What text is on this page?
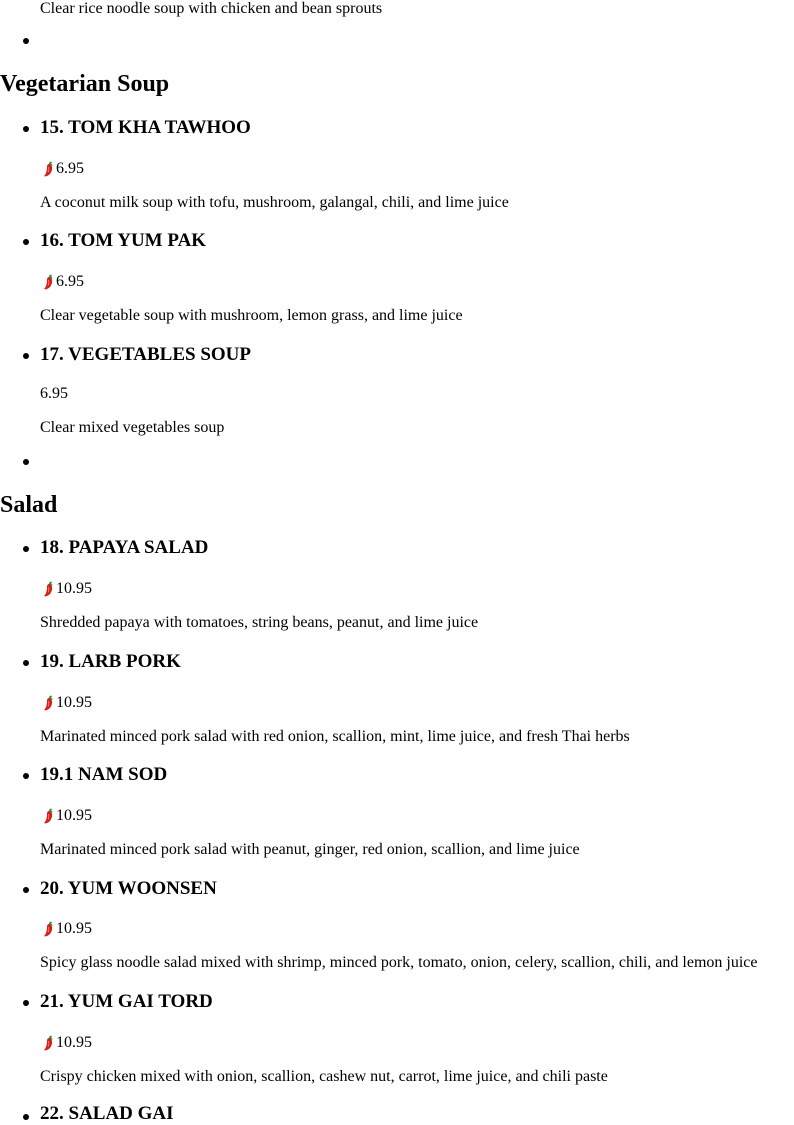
Clear rice noodle soup with chicken and bean sprouts
Vegetarian Soup
15. TOM KHA TAWHOO
6.95
A coconut milk soup with tofu, mushroom, galangal, chili, and lime juice
16. TOM YUM PAK
6.95
Clear vegetable soup with mushroom, lemon grass, and lime juice
17. VEGETABLES SOUP
6.95
Clear mixed vegetables soup
Salad
18. PAPAYA SALAD
10.95
Shredded papaya with tomatoes, string beans, peanut, and lime juice
19. LARB PORK
10.95
Marinated minced pork salad with red onion, scallion, mint, lime juice, and fresh Thai herbs
19.1 NAM SOD
10.95
Marinated minced pork salad with peanut, ginger, red onion, scallion, and lime juice
20. YUM WOONSEN
10.95
Spicy glass noodle salad mixed with shrimp, minced pork, tomato, onion, celery, scallion, chili, and lemon juice
21. YUM GAI TORD
10.95
Crispy chicken mixed with onion, scallion, cashew nut, carrot, lime juice, and chili paste
22. SALAD GAI
